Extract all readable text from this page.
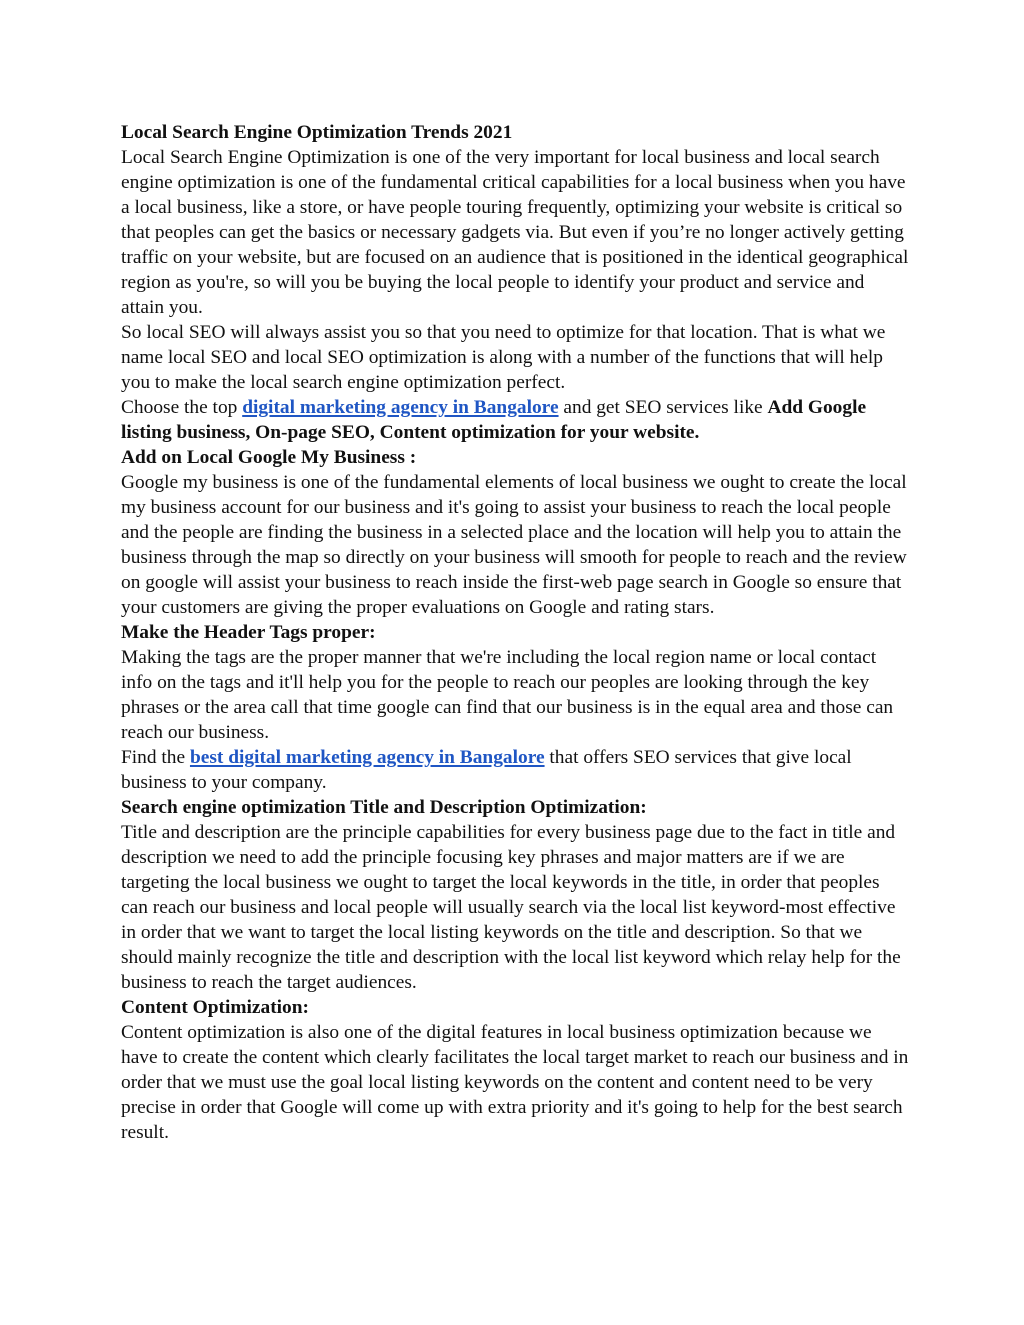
Local Search Engine Optimization Trends 2021

Local Search Engine Optimization is one of the very important for local business and local search engine optimization is one of the fundamental critical capabilities for a local business when you have a local business, like a store, or have people touring frequently, optimizing your website is critical so that peoples can get the basics or necessary gadgets via. But even if you’re no longer actively getting traffic on your website, but are focused on an audience that is positioned in the identical geographical region as you're, so will you be buying the local people to identify your product and service and attain you.

So local SEO will always assist you so that you need to optimize for that location. That is what we name local SEO and local SEO optimization is along with a number of the functions that will help you to make the local search engine optimization perfect.

Choose the top digital marketing agency in Bangalore and get SEO services like Add Google listing business, On-page SEO, Content optimization for your website.

Add on Local Google My Business :

Google my business is one of the fundamental elements of local business we ought to create the local my business account for our business and it's going to assist your business to reach the local people and the people are finding the business in a selected place and the location will help you to attain the business through the map so directly on your business will smooth for people to reach and the review on google will assist your business to reach inside the first-web page search in Google so ensure that your customers are giving the proper evaluations on Google and rating stars.

Make the Header Tags proper:

Making the tags are the proper manner that we're including the local region name or local contact info on the tags and it'll help you for the people to reach our peoples are looking through the key phrases or the area call that time google can find that our business is in the equal area and those can reach our business.

Find the best digital marketing agency in Bangalore that offers SEO services that give local business to your company.

Search engine optimization Title and Description Optimization:

Title and description are the principle capabilities for every business page due to the fact in title and description we need to add the principle focusing key phrases and major matters are if we are targeting the local business we ought to target the local keywords in the title, in order that peoples can reach our business and local people will usually search via the local list keyword-most effective in order that we want to target the local listing keywords on the title and description. So that we should mainly recognize the title and description with the local list keyword which relay help for the business to reach the target audiences.

Content Optimization:

Content optimization is also one of the digital features in local business optimization because we have to create the content which clearly facilitates the local target market to reach our business and in order that we must use the goal local listing keywords on the content and content need to be very precise in order that Google will come up with extra priority and it's going to help for the best search result.
